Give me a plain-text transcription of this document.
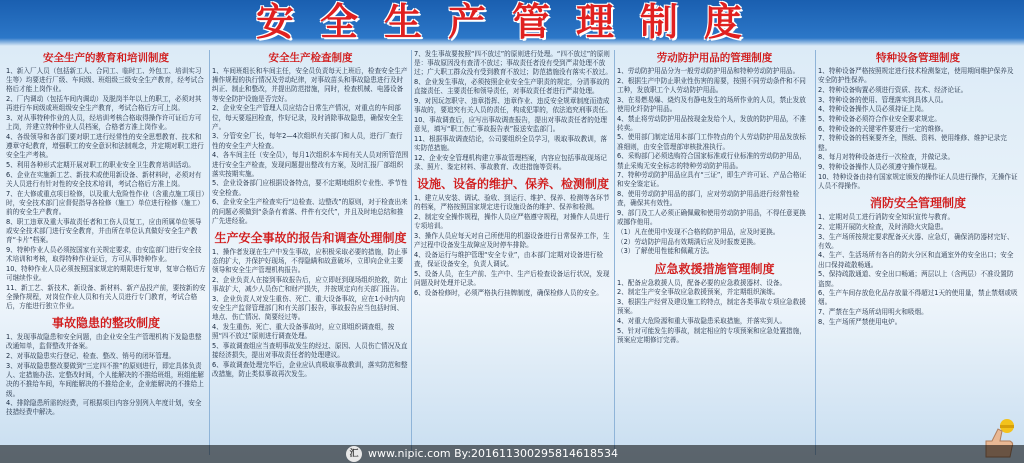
安全生产管理制度
安全生产的教育和培训制度
1、新入厂人员（包括新工人、合同工、临时工、外包工、培训实习生等）均要进行厂级、车间级、班组级三级安全生产教育，经考试合格后才能上岗作业。
2、厂内调动（包括车间内调动）及脱岗半年以上的职工，必须对其再进行车间级或班组级安全生产教育，考试合格后方可上岗。
3、对从事特种作业的人员，经培训考核合格取得操作许可证后方可上岗，并建立特种作业人员档案，合格者方准上岗作业。
4、各级领导和各部门要对职工进行经常性的安全思想教育、技术和遵章守纪教育，增强职工的安全意识和法制观念，并定期对职工进行安全生产考核。
5、利用各种形式定期开展对职工的职业安全卫生教育培训活动。
6、企业在实施新工艺、新技术或使用新设备、新材料时，必须对有关人员进行有针对性的安全技术培训，考试合格后方准上岗。
7、在大修或重点项目检修，以及重大危险性作业（含重点施工项目）时，安全技术部门应督促指导各检修（施工）单位进行检修（施工）前的安全生产教育。
8、职工违章及重大事故责任者和工伤人员复工，应由所属单位领导或安全技术部门进行安全教育，并由所在单位认真做好安全生产教育“卡片”档案。
9、特种作业人员必须按国家有关规定要求，由安监部门进行安全技术培训和考核，取得特种作业证后，方可从事特种作业。
10、特种作业人员必须按照国家规定的期限进行复审，复审合格后方可继续作业。
11、新工艺、新技术、新设备、新材料、新产品投产前，要按新的安全操作规程，对岗位作业人员和有关人员进行专门教育，考试合格后，方能进行独立作业。
事故隐患的整改制度
1、发现事故隐患和安全问题，由企业安全生产管理机构下发隐患整改通知单，监督整改并备案。
2、对事故隐患实行登记、检查、整改、销号的闭环管理。
3、对事故隐患整改要做到“三定四不推”的原则进行，即定具体负责人、定措施办法、定整改时间，个人能解决的不推给班组，班组能解决的不推给车间，车间能解决的不推给企业，企业能解决的不推给上级。
4、排除隐患所需的经费，可根据项目内容分别列入年度计划，安全技措经费中解决。
安全生产检查制度
1、车间班组长和车间主任，安全员负责每天上班后，检查安全生产操作规程的执行情况及劳动纪律，对事故苗头和事故隐患进行及时纠正、制止和整改，并提出防范措施，同时，检查机械、电器设备等安全防护设施是否完好。
2、企业安全生产管理人员应结合日常生产情况，对重点的车间部位，每天要巡回检查，作好记录，及时消除事故隐患，确保安全生产。
3、分管安全厂长，每年2—4次组织有关部门和人员，进行厂查行性的安全生产大检查。
4、各车间主任（安全员），每月1次组织本车间有关人员对所管范围进行安全生产检查，发现问题提出整改有方案，及时汇报厂部组织落实按期实施。
5、企业设备部门应根据设备特点，要不定期地组织专业性、季节性安全检查。
6、企业安全生产检查实行“边检查、边整改”的原则，对于检查出来的问题必须做到“条条有着落、件件有交代”，并且及时地总结和推广先进经验。
生产安全事故的报告和调查处理制度
1、操作者发现在生产中发生事故，应积极采取必要的措施，防止事态的扩大，并保护好现场，不得隐瞒和故意破坏，立即向企业主要领导和安全生产管理机构报告。
2、企业负责人在接到事故报告后，应立即赶到现场组织抢救，防止事故扩大，减少人员伤亡和财产损失，并按规定向有关部门报告。
3、企业负责人对发生重伤、死亡、重大设备事故，应在1小时内向安全生产监督管理部门和有关部门报告，事故报告应当包括时间、地点、伤亡情况、简要经过等。
4、发生重伤、死亡、重大设备事故时，应立即组织调查组，按照“四不放过”原则进行调查处理。
5、事故调查组应当查明事故发生的经过、原因、人员伤亡情况及直接经济损失，提出对事故责任者的处理建议。
6、事故调查处理完毕后，企业应认真吸取事故教训，落实防范和整改措施，防止类似事故再次发生。
7、发生事故要按照“四不放过”的原则进行处理。“四不放过”的原则是：事故原因没有查清不放过；事故责任者没有受到严肃处理不放过；广大职工群众没有受到教育不放过；防范措施没有落实不放过。
8、企业发生事故，必须按照企业安全生产职责的规定，分清事故的直接责任、主要责任和领导责任，对事故责任者进行严肃处理。
9、对因玩忽职守、违章指挥、违章作业、违反安全规章制度而造成事故的，要追究有关人员的责任，构成犯罪的，依法追究刑事责任。
10、事故调查后，应写出事故调查报告，提出对事故责任者的处理意见，填写“职工伤亡事故报告表”报送安监部门。
11、根据事故调查结论，公司要组织全员学习，吸取事故教训，落实防范措施。
12、企业安全管理机构建立事故管理档案，内容应包括事故现场记录、照片、鉴定材料、事故教育、改进措施等资料。
设施、设备的维护、保养、检测制度
1、建立从安装、调试、验收、到运行、维护、保养、检测等各环节的档案，严格按照国家规定进行设施设备的维护、保养和检测。
2、制定安全操作规程，操作人员应严格遵守规程，对操作人员进行专项培训。
3、操作人员应每天对自己所使用的机器设备进行日常保养工作，生产过程中设备发生故障应及时停车排除。
4、设备运行与维护管理“安全专业”，由本部门定期对设备进行检查，保证设备安全，负责人调试。
5、设备人员，在生产前、生产中、生产后检查设备运行状况，发现问题及时处理并记录。
6、设备检修时，必须严格执行挂牌制度，确保检修人员的安全。
劳动防护用品的管理制度
1、劳动防护用品分为一般劳动防护用品和特种劳动防护用品。
2、根据生产中防止职业性伤害的需要，按照不同劳动条件和不同工种，发放职工个人劳动防护用品。
3、在易燃易爆、烧灼及有静电发生的场所作业的人员，禁止发放使用化纤防护用品。
4、禁止将劳动防护用品按现金发给个人，发放的防护用品，不准转卖。
5、使用部门制定适用本部门工作特点的个人劳动防护用品发放标准细则，由安全管理部审核批准执行。
6、采购部门必须选购符合国家标准或行业标准的劳动防护用品，禁止采购无安全标志的特种劳动防护用品。
7、特种劳动防护用品应具有“三证”，即生产许可证、产品合格证和安全鉴定证。
8、使用劳动防护用品的部门，应对劳动防护用品进行经常性检查，确保其有效性。
9、部门及工人必须正确佩戴和使用劳动防护用品，不得任意更换或挪作他用。
（1）凡在使用中发现不合格的防护用品，应及时更换。
（2）劳动防护用品有效期满后应及时报废更换。
（3）了解使用性能和佩戴方法。
应急救援措施管理制度
1、配备应急救援人员，配备必要的应急救援器材、设备。
2、制定生产安全事故应急救援预案，并定期组织演练。
3、根据生产经营及建设施工的特点，制定各类事故专项应急救援预案。
4、对重大危险源和重大事故隐患采取措施，并落实到人。
5、针对可能发生的事故，制定相应的专项预案和应急处置措施，预案应定期修订完善。
特种设备管理制度
1、特种设备严格按照规定进行技术检测鉴定，使用期间维护保养及安全防护性保养。
2、特种设备购置必须进行资质、技术、经济论证。
3、特种设备的使用、管理落实到具体人员。
4、特种设备操作人员必须持证上岗。
5、特种设备必须符合作业安全要求规定。
6、特种设备的关键零件要进行一定的维修。
7、特种设备的档案要齐全，图纸、资料、使用维修、维护记录完整。
8、每月对特种设备进行一次检查，并做记录。
9、特种设备操作人员必须遵守操作规程。
10、特种设备由持有国家规定颁发的操作证人员进行操作，无操作证人员不得操作。
消防安全管理制度
1、定期对员工进行消防安全知识宣传与教育。
2、定期开展防火检查，及时消除火灾隐患。
3、生产场所按规定要求配备灭火器、应急灯，确保消防器材完好、有效。
4、生产、生活场所有各自的防火分区和直通室外的安全出口；安全出口保持疏散畅通。
5、保持疏散通道、安全出口畅通；两层以上（含两层）不准设置防盗窗。
6、生产车间存放危化品存放量不得超过1天的使用量，禁止禁烟或吸烟。
7、严禁在生产场所动用明火和吸烟。
8、生产场所严禁使用电炉。
汇 www.nipic.com By:201611300295814618534
